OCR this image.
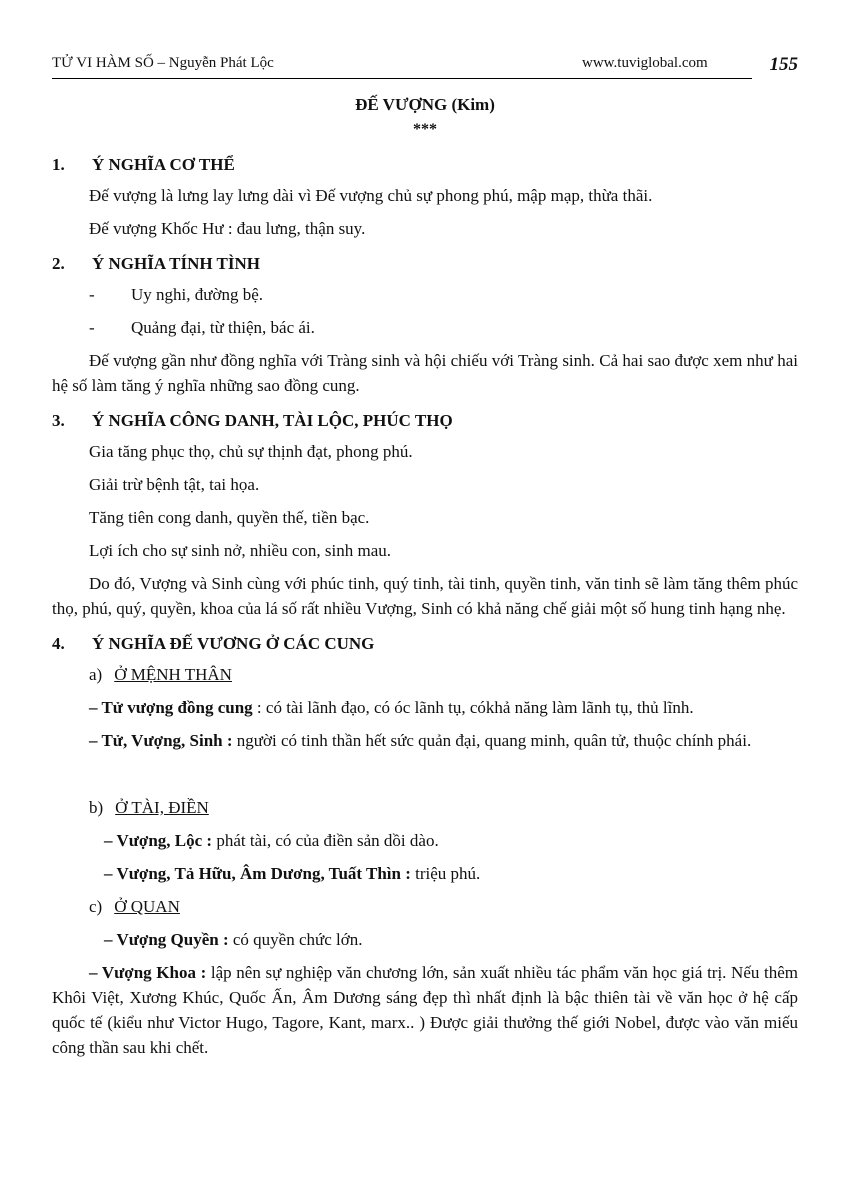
TỬ VI HÀM SỐ – Nguyễn Phát Lộc	www.tuviglobal.com	155

ĐẾ VƯỢNG (Kim)

***

1. Ý NGHĨA CƠ THỂ

Đế vượng là lưng lay lưng dài vì Đế vượng chủ sự phong phú, mập mạp, thừa thãi.

Đế vượng Khốc Hư : đau lưng, thận suy.

2. Ý NGHĨA TÍNH TÌNH

- Uy nghi, đường bệ.

- Quảng đại, từ thiện, bác ái.

Đế vượng gần như đồng nghĩa với Tràng sinh và hội chiếu với Tràng sinh. Cả hai sao được xem như hai hệ số làm tăng ý nghĩa những sao đồng cung.

3. Ý NGHĨA CÔNG DANH, TÀI LỘC, PHÚC THỌ

Gia tăng phục thọ, chủ sự thịnh đạt, phong phú.

Giải trừ bệnh tật, tai họa.

Tăng tiên cong danh, quyền thế, tiền bạc.

Lợi ích cho sự sinh nở, nhiều con, sinh mau.

Do đó, Vượng và Sinh cùng với phúc tinh, quý tinh, tài tinh, quyền tinh, văn tinh sẽ làm tăng thêm phúc thọ, phú, quý, quyền, khoa của lá số rất nhiều Vượng, Sinh có khả năng chế giải một số hung tinh hạng nhẹ.

4. Ý NGHĨA ĐẾ VƯƠNG Ở CÁC CUNG

a) Ở MỆNH THÂN

– Tử vượng đồng cung : có tài lãnh đạo, có óc lãnh tụ, cókhả năng làm lãnh tụ, thủ lĩnh.

– Tử, Vượng, Sinh : người có tinh thần hết sức quản đại, quang minh, quân tử, thuộc chính phái.

b) Ở TÀI, ĐIỀN

– Vượng, Lộc : phát tài, có của điền sản dồi dào.

– Vượng, Tả Hữu, Âm Dương, Tuất Thìn : triệu phú.

c) Ở QUAN

– Vượng Quyền : có quyền chức lớn.

– Vượng Khoa : lập nên sự nghiệp văn chương lớn, sản xuất nhiều tác phẩm văn học giá trị. Nếu thêm Khôi Việt, Xương Khúc, Quốc Ấn, Âm Dương sáng đẹp thì nhất định là bậc thiên tài về văn học ở hệ cấp quốc tế (kiểu như Victor Hugo, Tagore, Kant, marx.. ) Được giải thưởng thế giới Nobel, được vào văn miếu công thần sau khi chết.
